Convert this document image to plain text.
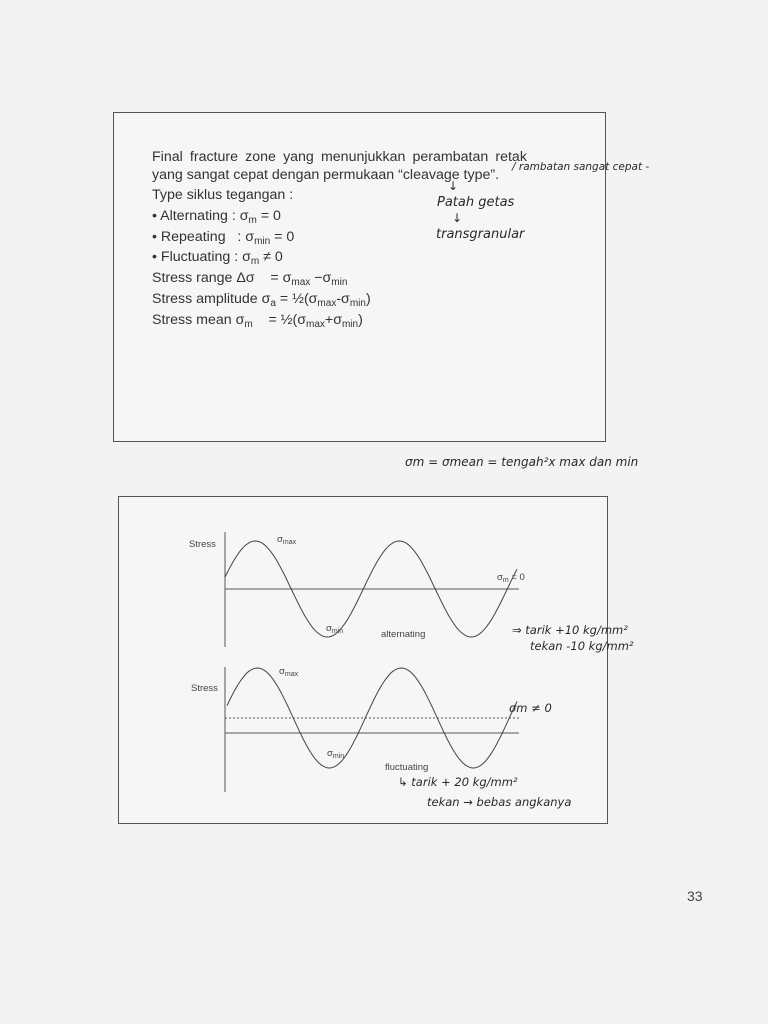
Final fracture zone yang menunjukkan perambatan retak
yang sangat cepat dengan permukaan “cleavage type”.
Type siklus tegangan :
• Alternating : $\sigma_m = 0$
• Repeating   : $\sigma_{min} = 0$
• Fluctuating : $\sigma_m \ne 0$
Stress range Δσ    = $\sigma_{max} -\sigma_{min}$
Stress amplitude $\sigma_a$ = $\frac{1}{2}(\sigma_{max}-\sigma_{min})$
Stress mean $\sigma_m$    = $\frac{1}{2}(\sigma_{max}+\sigma_{min})$
/ rambatan sangat cepat -
↓
Patah getas
↓
transgranular
σm = σmean = tengah²x max dan min
Stress	$\sigma_{max}$
$\sigma_{min}$
$\sigma_m = 0$
alternating
Stress
$\sigma_{max}$
$\sigma_{min}$
fluctuating
⇒ tarik +10 kg/mm²
tekan -10 kg/mm²
σm ≠ 0
↳ tarik + 20 kg/mm²
tekan → bebas angkanya
33
